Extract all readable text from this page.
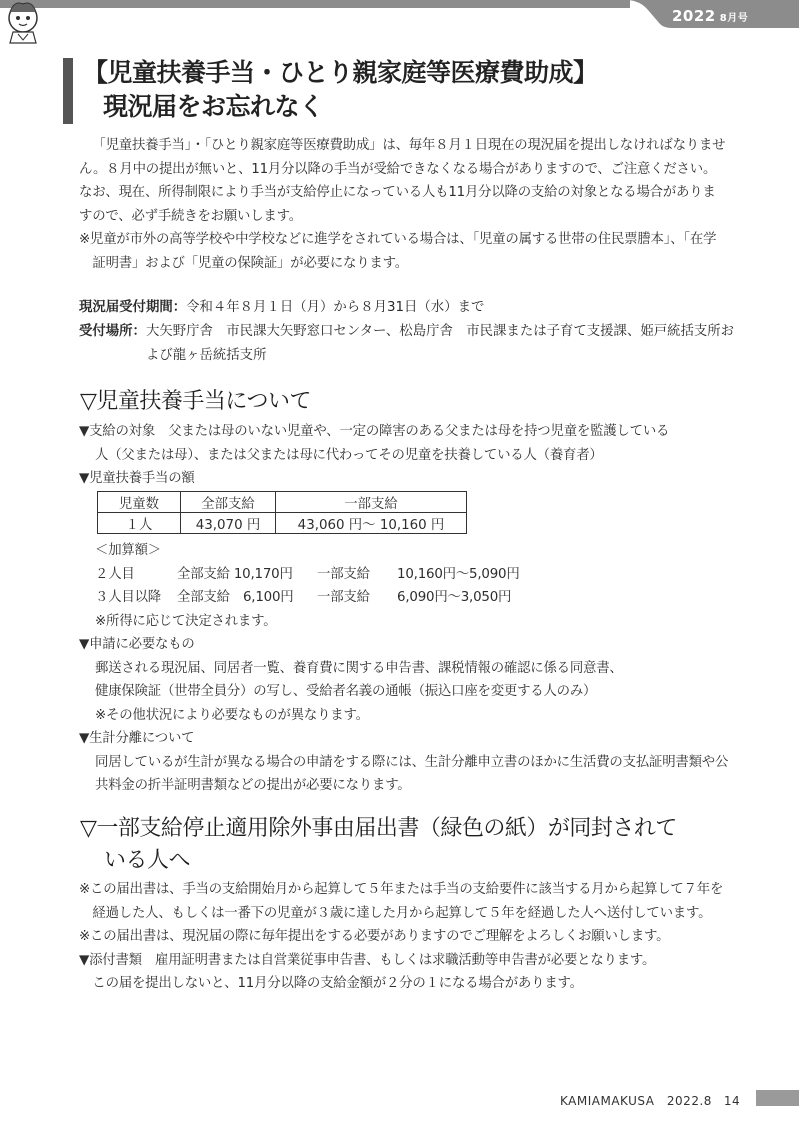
2022 8月号
【児童扶養手当・ひとり親家庭等医療費助成】
現況届をお忘れなく
「児童扶養手当」・「ひとり親家庭等医療費助成」は、毎年８月１日現在の現況届を提出しなければなりません。８月中の提出が無いと、11月分以降の手当が受給できなくなる場合がありますので、ご注意ください。なお、現在、所得制限により手当が支給停止になっている人も11月分以降の支給の対象となる場合がありますので、必ず手続きをお願いします。
※児童が市外の高等学校や中学校などに進学をされている場合は、「児童の属する世帯の住民票謄本」、「在学証明書」および「児童の保険証」が必要になります。
現況届受付期間：令和４年８月１日（月）から８月31日（水）まで
受付場所： 大矢野庁舎　市民課大矢野窓口センター、松島庁舎　市民課または子育て支援課、姫戸統括支所および龍ヶ岳統括支所
▽児童扶養手当について
▼支給の対象　父または母のいない児童や、一定の障害のある父または母を持つ児童を監護している
人（父または母）、または父または母に代わってその児童を扶養している人（養育者）
▼児童扶養手当の額
児童数	全部支給	一部支給
１人	43,070 円	43,060 円～ 10,160 円
＜加算額＞
２人目	全部支給 10,170円	一部支給	10,160円～5,090円
３人目以降	全部支給　6,100円	一部支給	6,090円～3,050円
※所得に応じて決定されます。
▼申請に必要なもの
郵送される現況届、同居者一覧、養育費に関する申告書、課税情報の確認に係る同意書、
健康保険証（世帯全員分）の写し、受給者名義の通帳（振込口座を変更する人のみ）
※その他状況により必要なものが異なります。
▼生計分離について
同居しているが生計が異なる場合の申請をする際には、生計分離申立書のほかに生活費の支払証明書類や公共料金の折半証明書類などの提出が必要になります。
▽一部支給停止適用除外事由届出書（緑色の紙）が同封されて
いる人へ
※この届出書は、手当の支給開始月から起算して５年または手当の支給要件に該当する月から起算して７年を経過した人、もしくは一番下の児童が３歳に達した月から起算して５年を経過した人へ送付しています。
※この届出書は、現況届の際に毎年提出をする必要がありますのでご理解をよろしくお願いします。
▼添付書類　雇用証明書または自営業従事申告書、もしくは求職活動等申告書が必要となります。
この届を提出しないと、11月分以降の支給金額が２分の１になる場合があります。
KAMIAMAKUSA　2022.8 14
